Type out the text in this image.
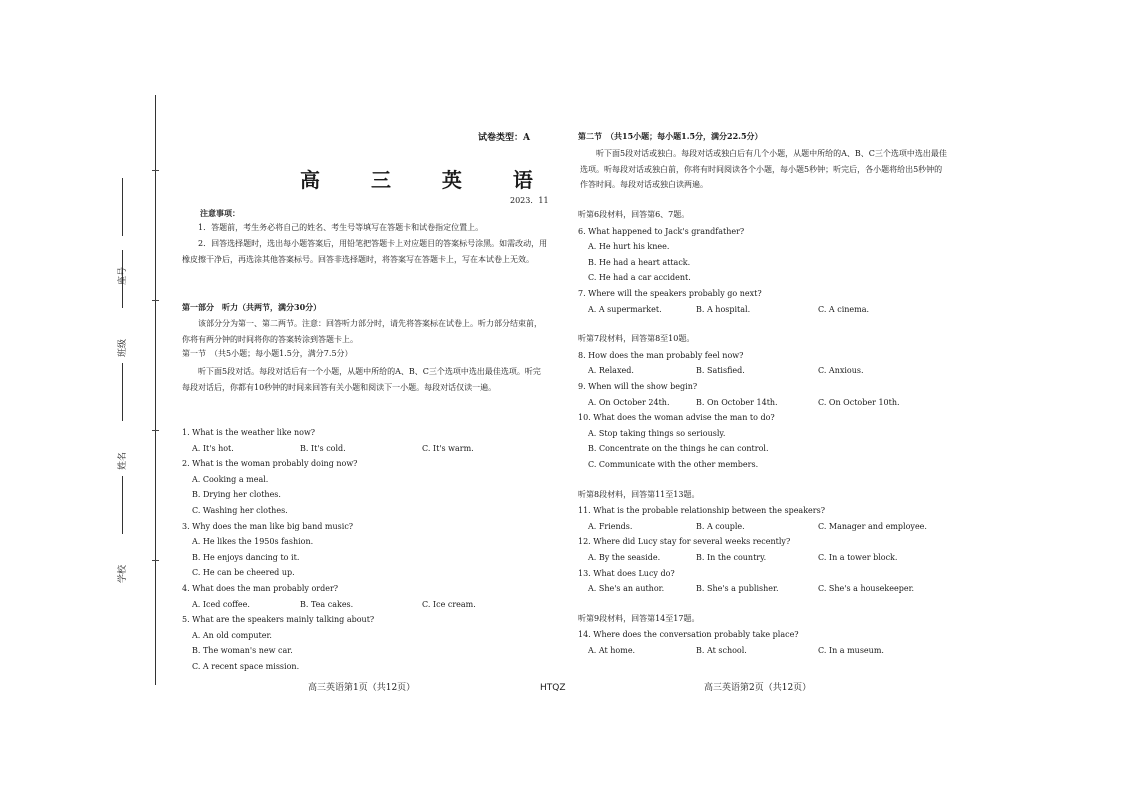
学校
姓名
班级
座号
试卷类型：A
高 三 英 语
2023．11
注意事项：
1．答题前，考生务必将自己的姓名、考生号等填写在答题卡和试卷指定位置上。
2．回答选择题时，选出每小题答案后，用铅笔把答题卡上对应题目的答案标号涂黑。如需改动，用橡皮擦干净后，再选涂其他答案标号。回答非选择题时，将答案写在答题卡上，写在本试卷上无效。
第一部分　听力（共两节，满分30分）
该部分分为第一、第二两节。注意：回答听力部分时，请先将答案标在试卷上。听力部分结束前，你将有两分钟的时间将你的答案转涂到答题卡上。
第一节　（共5小题；每小题1.5分，满分7.5分）
听下面5段对话。每段对话后有一个小题，从题中所给的A、B、C三个选项中选出最佳选项。听完每段对话后，你都有10秒钟的时间来回答有关小题和阅读下一小题。每段对话仅读一遍。
1. What is the weather like now?
A. It's hot.	B. It's cold.	C. It's warm.
2. What is the woman probably doing now?
A. Cooking a meal.
B. Drying her clothes.
C. Washing her clothes.
3. Why does the man like big band music?
A. He likes the 1950s fashion.
B. He enjoys dancing to it.
C. He can be cheered up.
4. What does the man probably order?
A. Iced coffee.	B. Tea cakes.	C. Ice cream.
5. What are the speakers mainly talking about?
A. An old computer.
B. The woman's new car.
C. A recent space mission.
第二节　（共15小题；每小题1.5分，满分22.5分）
听下面5段对话或独白。每段对话或独白后有几个小题，从题中所给的A、B、C三个选项中选出最佳选项。听每段对话或独白前，你将有时间阅读各个小题，每小题5秒钟；听完后，各小题将给出5秒钟的作答时间。每段对话或独白读两遍。
听第6段材料，回答第6、7题。
6. What happened to Jack's grandfather?
A. He hurt his knee.
B. He had a heart attack.
C. He had a car accident.
7. Where will the speakers probably go next?
A. A supermarket.	B. A hospital.	C. A cinema.
听第7段材料，回答第8至10题。
8. How does the man probably feel now?
A. Relaxed.	B. Satisfied.	C. Anxious.
9. When will the show begin?
A. On October 24th.	B. On October 14th.	C. On October 10th.
10. What does the woman advise the man to do?
A. Stop taking things so seriously.
B. Concentrate on the things he can control.
C. Communicate with the other members.
听第8段材料，回答第11至13题。
11. What is the probable relationship between the speakers?
A. Friends.	B. A couple.	C. Manager and employee.
12. Where did Lucy stay for several weeks recently?
A. By the seaside.	B. In the country.	C. In a tower block.
13. What does Lucy do?
A. She's an author.	B. She's a publisher.	C. She's a housekeeper.
听第9段材料，回答第14至17题。
14. Where does the conversation probably take place?
A. At home.	B. At school.	C. In a museum.
高三英语第1页（共12页）	HTQZ	高三英语第2页（共12页）
